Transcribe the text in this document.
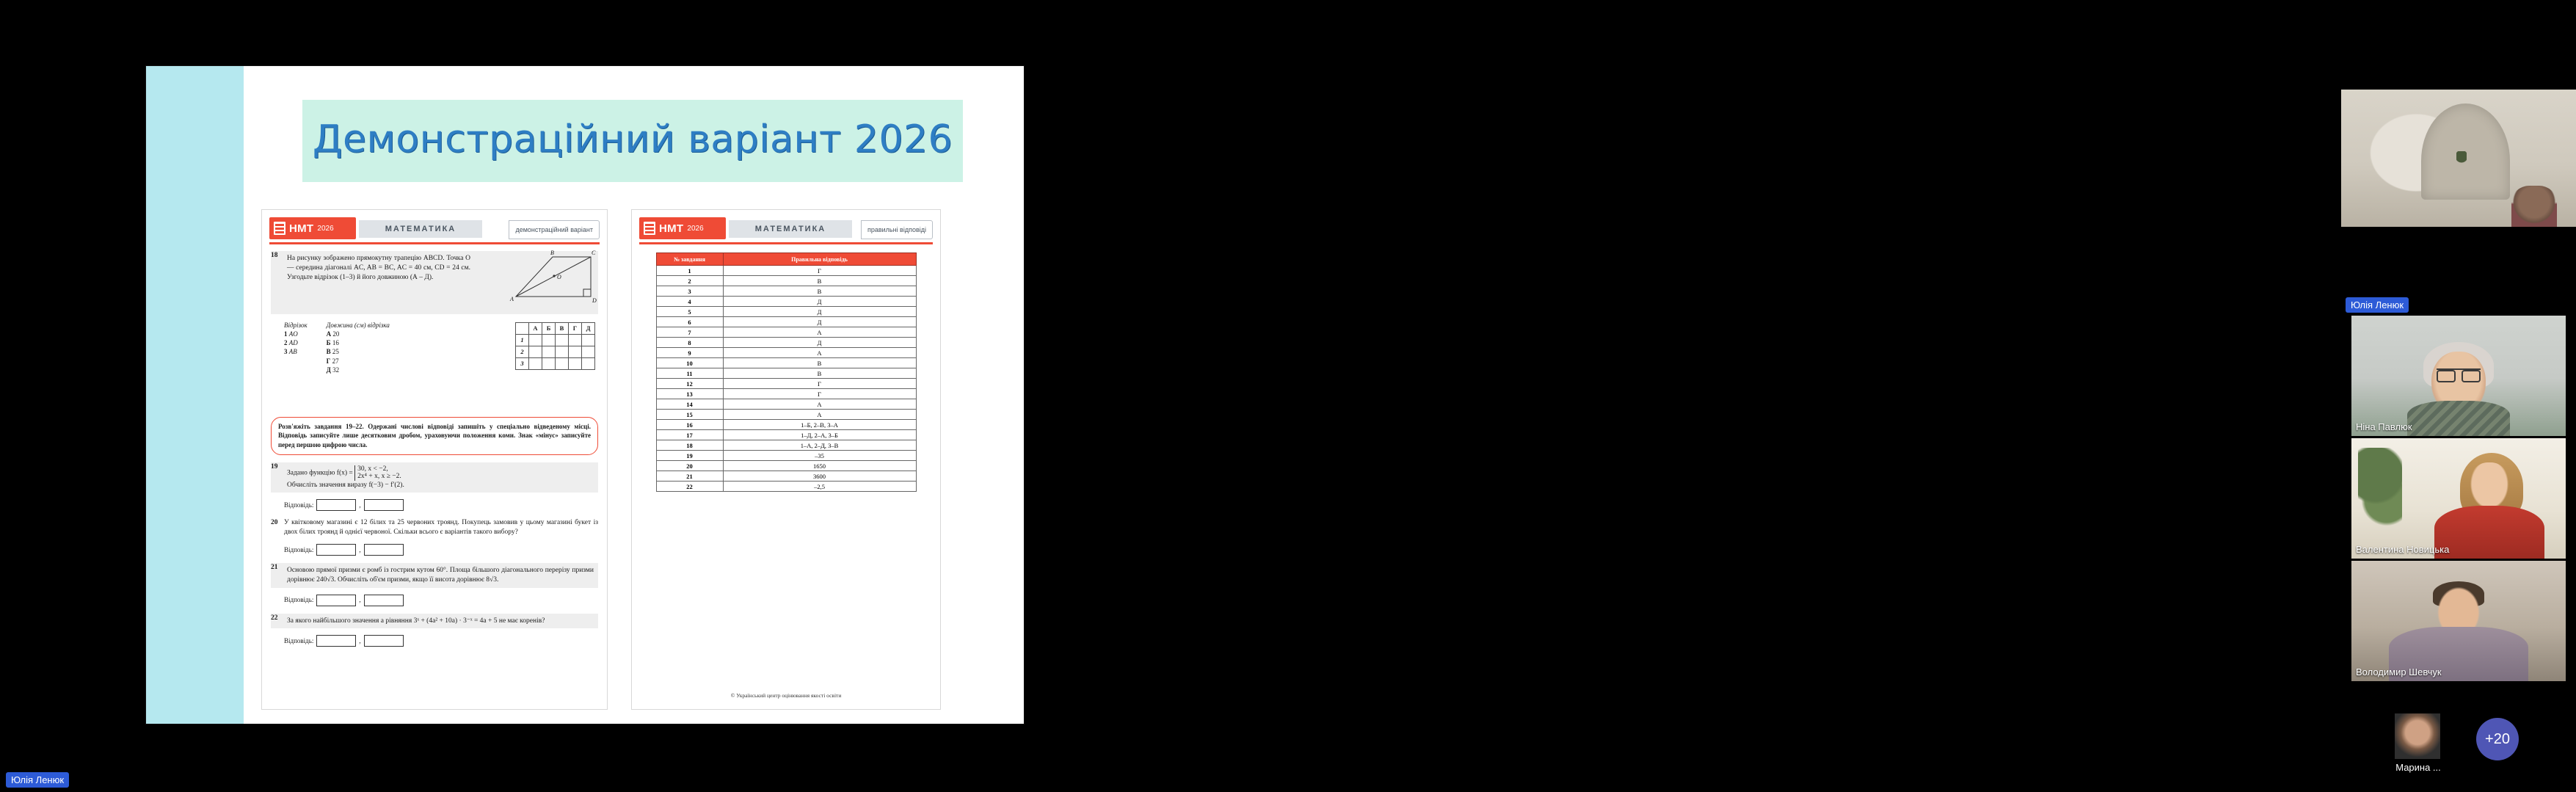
Демонстраційний варіант 2026
НМТ 2026	МАТЕМАТИКА	демонстраційний варіант
18 На рисунку зображено прямокутну трапецію ABCD. Точка O — середина діагоналі AC, AB = BC, AC = 40 см, CD = 24 см. Узгодьте відрізок (1–3) й його довжиною (А – Д).
B	C
O
A	D
Відрізок
1 AO
2 AD
3 AB
Довжина (см) відрізка
А 20
Б 16
В 25
Г 27
Д 32
	А	Б	В	Г	Д
1					
2					
3					
Розв'яжіть завдання 19–22. Одержані числові відповіді запишіть у спеціально відведеному місці. Відповідь записуйте лише десятковим дробом, ураховуючи положення коми. Знак «мінус» записуйте перед першою цифрою числа.
19
Задано функцію f(x) =
30, x < −2,
2x⁴ + x, x ≥ −2.
Обчисліть значення виразу f(−3) − f′(2).
Відповідь:	,
20 У квітковому магазині є 12 білих та 25 червоних троянд. Покупець замовив у цьому магазині букет із двох білих троянд й однієї червоної. Скільки всього є варіантів такого вибору?
Відповідь:	,
21 Основою прямої призми є ромб із гострим кутом 60°. Площа більшого діагонального перерізу призми дорівнює 240√3. Обчисліть об'єм призми, якщо її висота дорівнює 8√3.
Відповідь:	,
22 За якого найбільшого значення a рівняння 3ˣ + (4a² + 10a) · 3⁻ˣ = 4a + 5 не має коренів?
Відповідь:	,
НМТ 2026	МАТЕМАТИКА	правильні відповіді
№ завдання	Правильна відповідь
1	Г
2	В
3	В
4	Д
5	Д
6	Д
7	А
8	Д
9	А
10	В
11	В
12	Г
13	Г
14	А
15	А
16	1–Б, 2–В, 3–А
17	1–Д, 2–А, 3–Б
18	1–А, 2–Д, 3–В
19	–35
20	1650
21	3600
22	–2,5
© Український центр оцінювання якості освіти
Юлія Ленюк
Ніна Павлюк
Валентина Новицька
Володимир Шевчук
Марина ...
+20
Юлія Ленюк
